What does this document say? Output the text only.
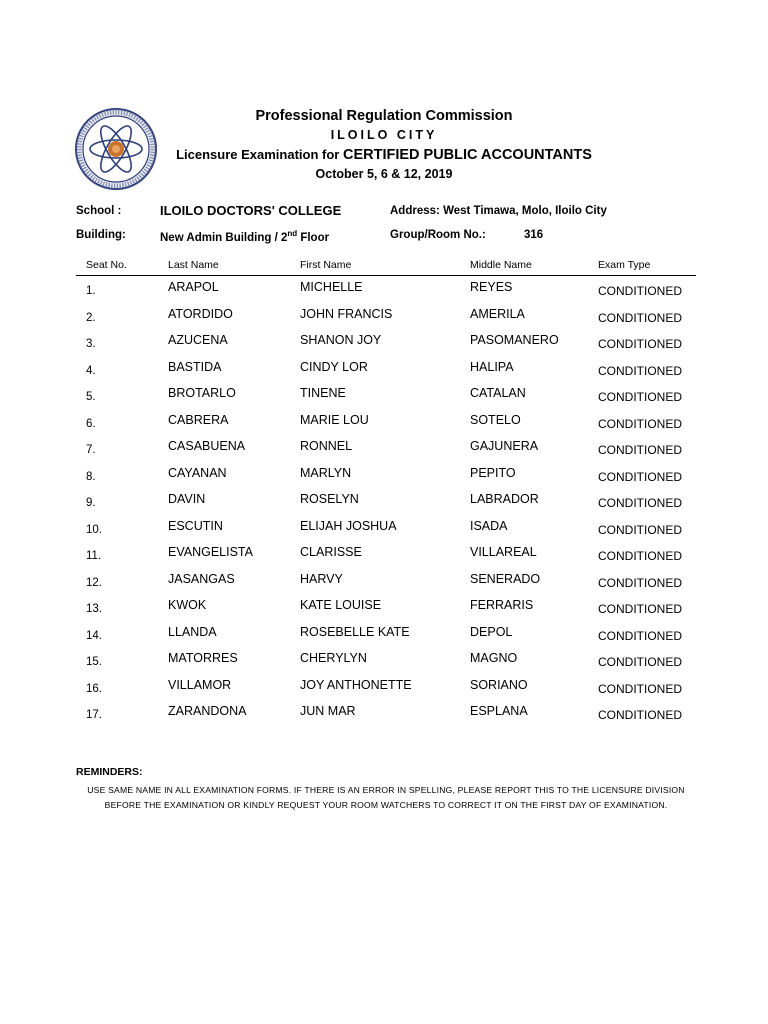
Professional Regulation Commission
ILOILO CITY
Licensure Examination for CERTIFIED PUBLIC ACCOUNTANTS
October 5, 6 & 12, 2019
School :	ILOILO DOCTORS' COLLEGE	Address: West Timawa, Molo, Iloilo City
Building:	New Admin Building / 2nd Floor	Group/Room No.:	316
Seat No.	Last Name	First Name	Middle Name	Exam Type
1.	ARAPOL	MICHELLE	REYES	CONDITIONED
2.	ATORDIDO	JOHN FRANCIS	AMERILA	CONDITIONED
3.	AZUCENA	SHANON JOY	PASOMANERO	CONDITIONED
4.	BASTIDA	CINDY LOR	HALIPA	CONDITIONED
5.	BROTARLO	TINENE	CATALAN	CONDITIONED
6.	CABRERA	MARIE LOU	SOTELO	CONDITIONED
7.	CASABUENA	RONNEL	GAJUNERA	CONDITIONED
8.	CAYANAN	MARLYN	PEPITO	CONDITIONED
9.	DAVIN	ROSELYN	LABRADOR	CONDITIONED
10.	ESCUTIN	ELIJAH JOSHUA	ISADA	CONDITIONED
11.	EVANGELISTA	CLARISSE	VILLAREAL	CONDITIONED
12.	JASANGAS	HARVY	SENERADO	CONDITIONED
13.	KWOK	KATE LOUISE	FERRARIS	CONDITIONED
14.	LLANDA	ROSEBELLE KATE	DEPOL	CONDITIONED
15.	MATORRES	CHERYLYN	MAGNO	CONDITIONED
16.	VILLAMOR	JOY ANTHONETTE	SORIANO	CONDITIONED
17.	ZARANDONA	JUN MAR	ESPLANA	CONDITIONED
REMINDERS:
USE SAME NAME IN ALL EXAMINATION FORMS. IF THERE IS AN ERROR IN SPELLING, PLEASE REPORT THIS TO THE LICENSURE DIVISION
BEFORE THE EXAMINATION OR KINDLY REQUEST YOUR ROOM WATCHERS TO CORRECT IT ON THE FIRST DAY OF EXAMINATION.
